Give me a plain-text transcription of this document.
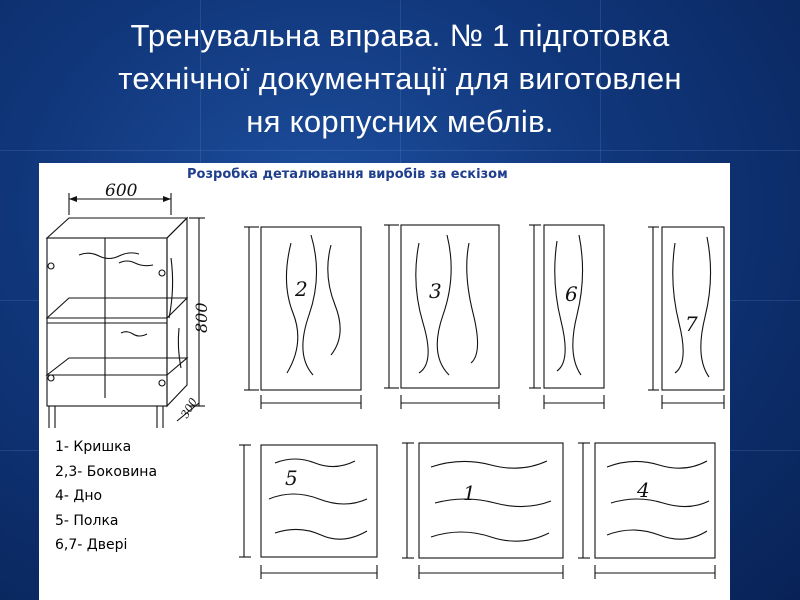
Тренувальна вправа. № 1 підготовка
технічної документації для виготовлен
ня корпусних меблів.
Розробка деталювання виробів за ескізом
600
800
300
2	3	6
7
5
1	4
1- Кришка
2,3- Боковина
4- Дно
5- Полка
6,7- Двері
